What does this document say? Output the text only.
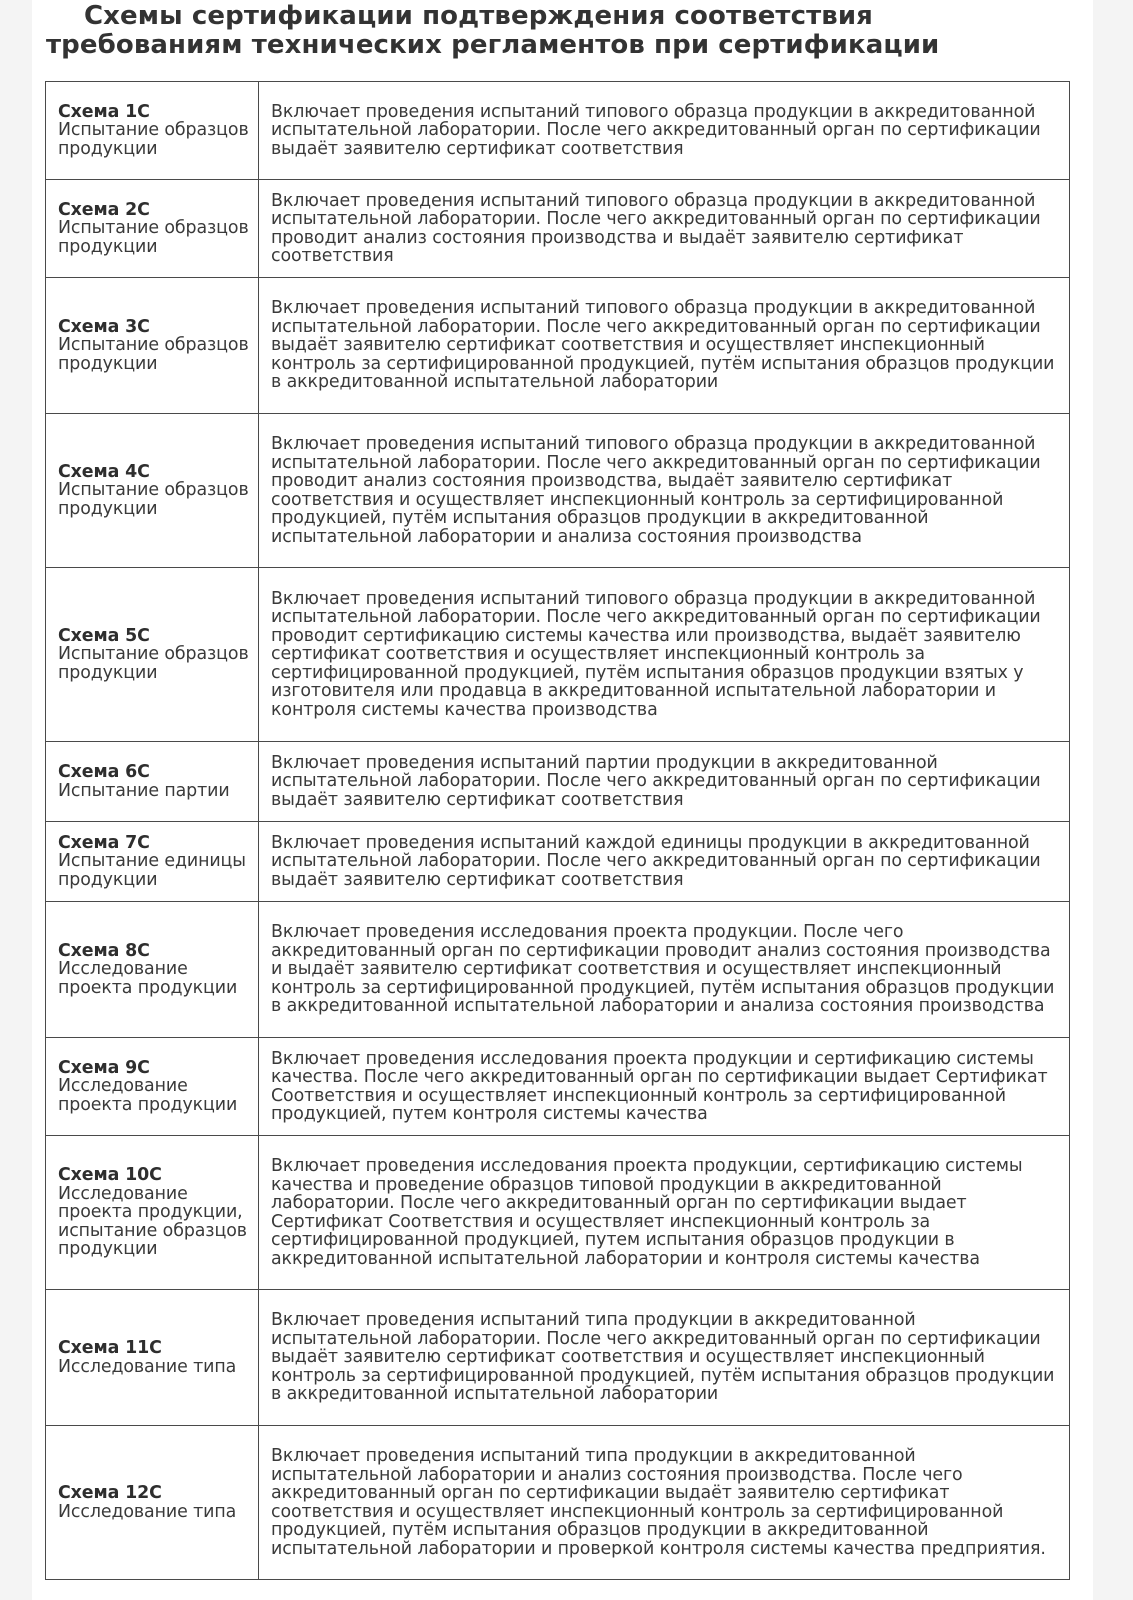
Схемы сертификации подтверждения соответствия
требованиям технических регламентов при сертификации
Схема 1С
Испытание образцов продукции	Включает проведения испытаний типового образца продукции в аккредитованной испытательной лаборатории. После чего аккредитованный орган по сертификации выдаёт заявителю сертификат соответствия

Схема 2С
Испытание образцов продукции	Включает проведения испытаний типового образца продукции в аккредитованной испытательной лаборатории. После чего аккредитованный орган по сертификации проводит анализ состояния производства и выдаёт заявителю сертификат соответствия

Схема 3С
Испытание образцов продукции	Включает проведения испытаний типового образца продукции в аккредитованной испытательной лаборатории. После чего аккредитованный орган по сертификации выдаёт заявителю сертификат соответствия и осуществляет инспекционный контроль за сертифицированной продукцией, путём испытания образцов продукции в аккредитованной испытательной лаборатории

Схема 4С
Испытание образцов продукции	Включает проведения испытаний типового образца продукции в аккредитованной испытательной лаборатории. После чего аккредитованный орган по сертификации проводит анализ состояния производства, выдаёт заявителю сертификат соответствия и осуществляет инспекционный контроль за сертифицированной продукцией, путём испытания образцов продукции в аккредитованной испытательной лаборатории и анализа состояния производства

Схема 5С
Испытание образцов продукции	Включает проведения испытаний типового образца продукции в аккредитованной испытательной лаборатории. После чего аккредитованный орган по сертификации проводит сертификацию системы качества или производства, выдаёт заявителю сертификат соответствия и осуществляет инспекционный контроль за сертифицированной продукцией, путём испытания образцов продукции взятых у изготовителя или продавца в аккредитованной испытательной лаборатории и контроля системы качества производства

Схема 6С
Испытание партии	Включает проведения испытаний партии продукции в аккредитованной испытательной лаборатории. После чего аккредитованный орган по сертификации выдаёт заявителю сертификат соответствия

Схема 7С
Испытание единицы продукции	Включает проведения испытаний каждой единицы продукции в аккредитованной испытательной лаборатории. После чего аккредитованный орган по сертификации выдаёт заявителю сертификат соответствия

Схема 8С
Исследование проекта продукции	Включает проведения исследования проекта продукции. После чего аккредитованный орган по сертификации проводит анализ состояния производства и выдаёт заявителю сертификат соответствия и осуществляет инспекционный контроль за сертифицированной продукцией, путём испытания образцов продукции в аккредитованной испытательной лаборатории и анализа состояния производства

Схема 9С
Исследование проекта продукции	Включает проведения исследования проекта продукции и сертификацию системы качества. После чего аккредитованный орган по сертификации выдает Сертификат Соответствия и осуществляет инспекционный контроль за сертифицированной продукцией, путем контроля системы качества

Схема 10С
Исследование проекта продукции, испытание образцов продукции	Включает проведения исследования проекта продукции, сертификацию системы качества и проведение образцов типовой продукции в аккредитованной лаборатории. После чего аккредитованный орган по сертификации выдает Сертификат Соответствия и осуществляет инспекционный контроль за сертифицированной продукцией, путем испытания образцов продукции в аккредитованной испытательной лаборатории и контроля системы качества

Схема 11С
Исследование типа	Включает проведения испытаний типа продукции в аккредитованной испытательной лаборатории. После чего аккредитованный орган по сертификации выдаёт заявителю сертификат соответствия и осуществляет инспекционный контроль за сертифицированной продукцией, путём испытания образцов продукции в аккредитованной испытательной лаборатории

Схема 12С
Исследование типа	Включает проведения испытаний типа продукции в аккредитованной испытательной лаборатории и анализ состояния производства. После чего аккредитованный орган по сертификации выдаёт заявителю сертификат соответствия и осуществляет инспекционный контроль за сертифицированной продукцией, путём испытания образцов продукции в аккредитованной испытательной лаборатории и проверкой контроля системы качества предприятия.
